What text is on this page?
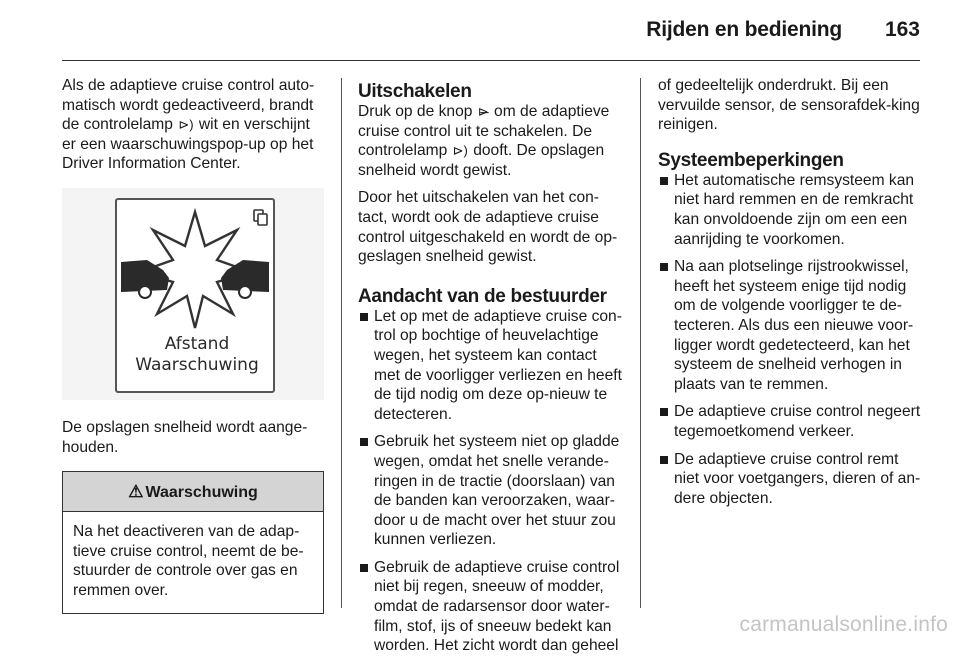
Rijden en bediening 163

Als de adaptieve cruise control auto-matisch wordt gedeactiveerd, brandt de controlelamp ⊳) wit en verschijnt er een waarschuwingspop-up op het Driver Information Center.

Afstand
Waarschuwing

De opslagen snelheid wordt aange-houden.

⚠ Waarschuwing
Na het deactiveren van de adap-tieve cruise control, neemt de be-stuurder de controle over gas en remmen over.
Uitschakelen

Druk op de knop ⊳̶ om de adaptieve cruise control uit te schakelen. De controlelamp ⊳) dooft. De opslagen snelheid wordt gewist.

Door het uitschakelen van het con-tact, wordt ook de adaptieve cruise control uitgeschakeld en wordt de op-geslagen snelheid gewist.

Aandacht van de bestuurder
Let op met de adaptieve cruise con-trol op bochtige of heuvelachtige wegen, het systeem kan contact met de voorligger verliezen en heeft de tijd nodig om deze op-nieuw te detecteren.
Gebruik het systeem niet op gladde wegen, omdat het snelle verande-ringen in de tractie (doorslaan) van de banden kan veroorzaken, waar-door u de macht over het stuur zou kunnen verliezen.
Gebruik de adaptieve cruise control niet bij regen, sneeuw of modder, omdat de radarsensor door water-film, stof, ijs of sneeuw bedekt kan worden. Het zicht wordt dan geheel

of gedeeltelijk onderdrukt. Bij een vervuilde sensor, de sensorafdek-king reinigen.

Systeembeperkingen
Het automatische remsysteem kan niet hard remmen en de remkracht kan onvoldoende zijn om een een aanrijding te voorkomen.
Na aan plotselinge rijstrookwissel, heeft het systeem enige tijd nodig om de volgende voorligger te de-tecteren. Als dus een nieuwe voor-ligger wordt gedetecteerd, kan het systeem de snelheid verhogen in plaats van te remmen.
De adaptieve cruise control negeert tegemoetkomend verkeer.
De adaptieve cruise control remt niet voor voetgangers, dieren of an-dere objecten.
carmanualsonline.info
